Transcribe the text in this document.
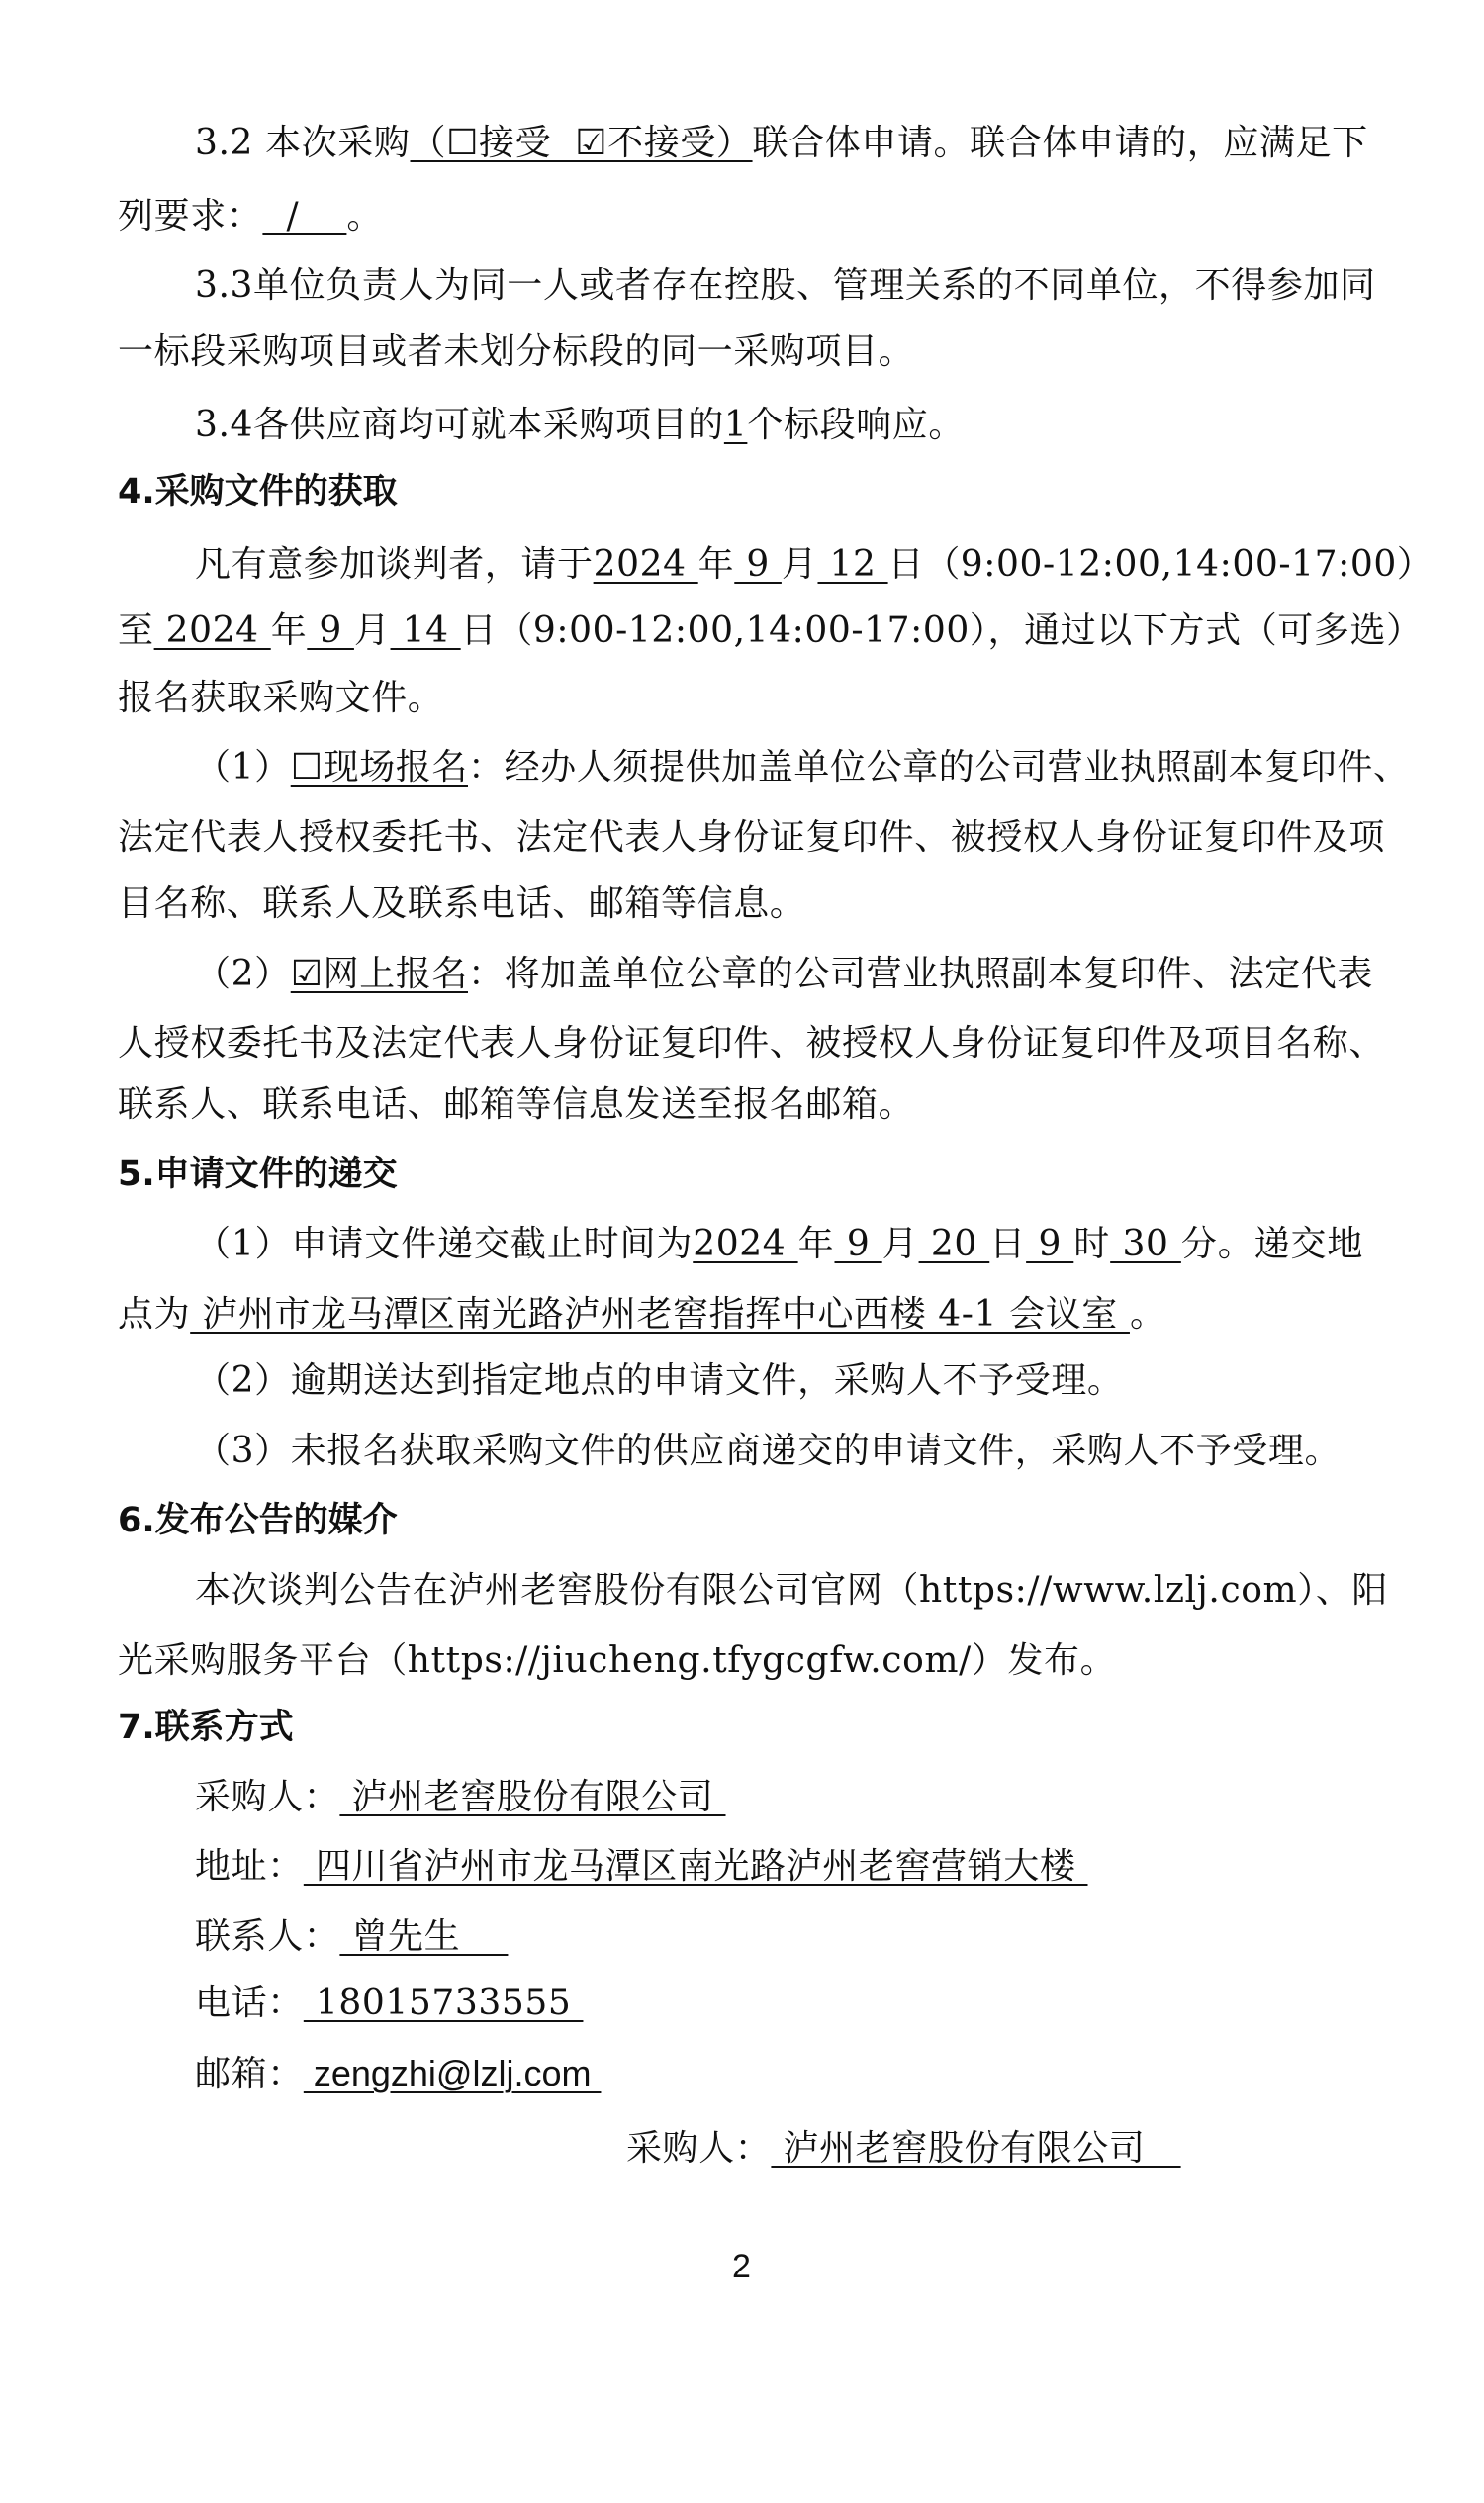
3.2 本次采购（☐接受  ☑不接受）联合体申请。联合体申请的，应满足下
列要求：  /    。
3.3单位负责人为同一人或者存在控股、管理关系的不同单位，不得参加同
一标段采购项目或者未划分标段的同一采购项目。
3.4各供应商均可就本采购项目的1个标段响应。
4.采购文件的获取
凡有意参加谈判者，请于2024 年 9 月 12 日（9:00-12:00,14:00-17:00）
至 2024 年 9 月 14 日（9:00-12:00,14:00-17:00），通过以下方式（可多选）
报名获取采购文件。
（1）☐现场报名：经办人须提供加盖单位公章的公司营业执照副本复印件、
法定代表人授权委托书、法定代表人身份证复印件、被授权人身份证复印件及项
目名称、联系人及联系电话、邮箱等信息。
（2）☑网上报名：将加盖单位公章的公司营业执照副本复印件、法定代表
人授权委托书及法定代表人身份证复印件、被授权人身份证复印件及项目名称、
联系人、联系电话、邮箱等信息发送至报名邮箱。
5.申请文件的递交
（1）申请文件递交截止时间为2024 年 9 月 20 日 9 时 30 分。递交地
点为 泸州市龙马潭区南光路泸州老窖指挥中心西楼 4-1 会议室 。
（2）逾期送达到指定地点的申请文件，采购人不予受理。
（3）未报名获取采购文件的供应商递交的申请文件，采购人不予受理。
6.发布公告的媒介
本次谈判公告在泸州老窖股份有限公司官网（https://www.lzlj.com）、阳
光采购服务平台（https://jiucheng.tfygcgfw.com/）发布。
7.联系方式
采购人： 泸州老窖股份有限公司
地址： 四川省泸州市龙马潭区南光路泸州老窖营销大楼
联系人： 曾先生
电话： 18015733555
邮箱： zengzhi@lzlj.com
采购人： 泸州老窖股份有限公司
2
